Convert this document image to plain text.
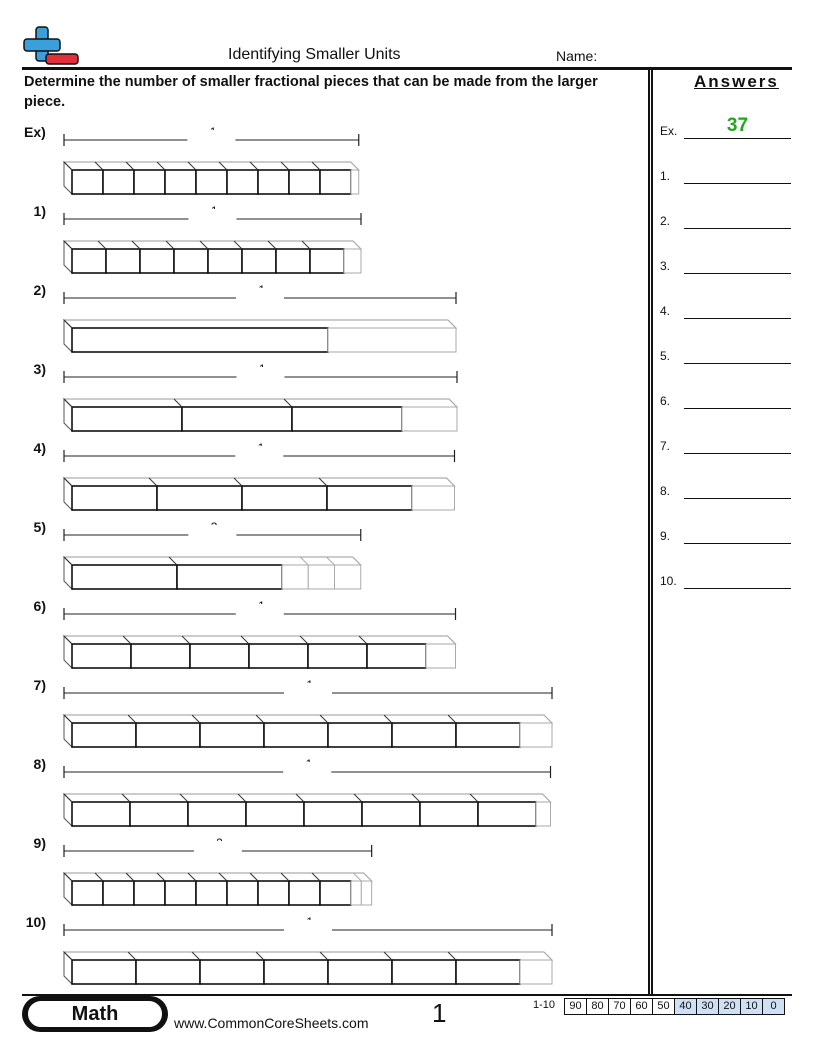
Identifying Smaller Units	Name:
Determine the number of smaller fractional pieces that can be made from the larger piece.
Answers
Ex.	37
1.
2.
3.
4.
5.
6.
7.
8.
9.
10.
Ex)
1)
2)
3)
4)
5)
6)
7)
8)
9)
10)
Math	www.CommonCoreSheets.com 1	1-10	90 80 70 60 50 40 30 20 10	0
